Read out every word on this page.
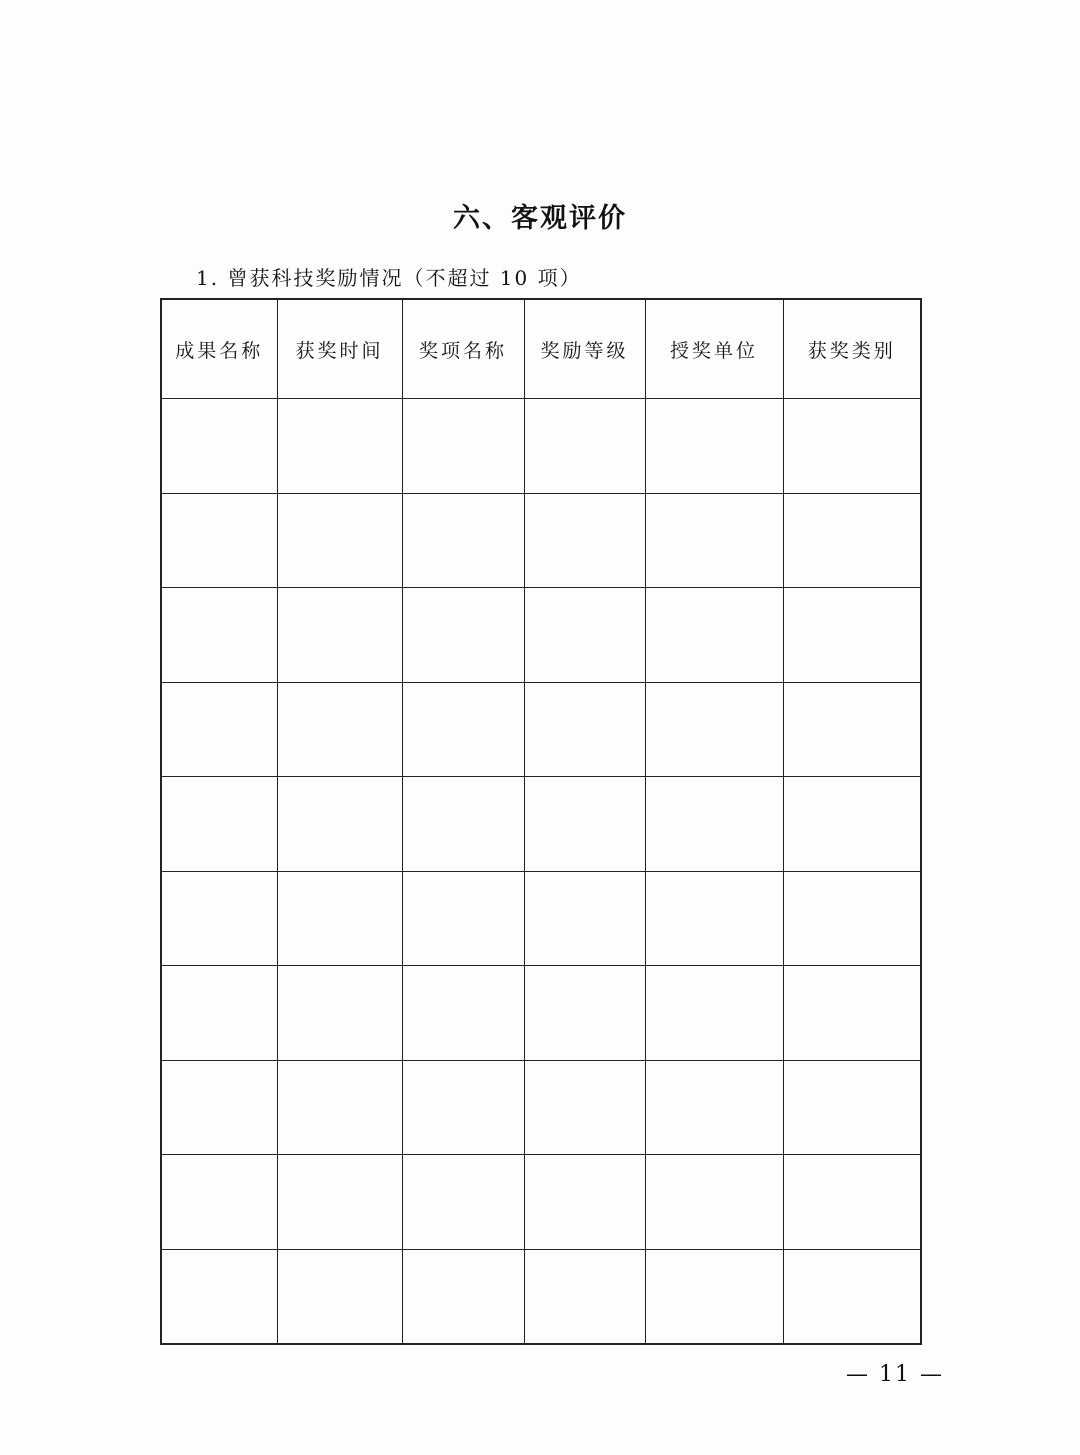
六、客观评价
1. 曾获科技奖励情况（不超过 10 项）
成果名称	获奖时间	奖项名称	奖励等级	授奖单位	获奖类别

— 11 —
